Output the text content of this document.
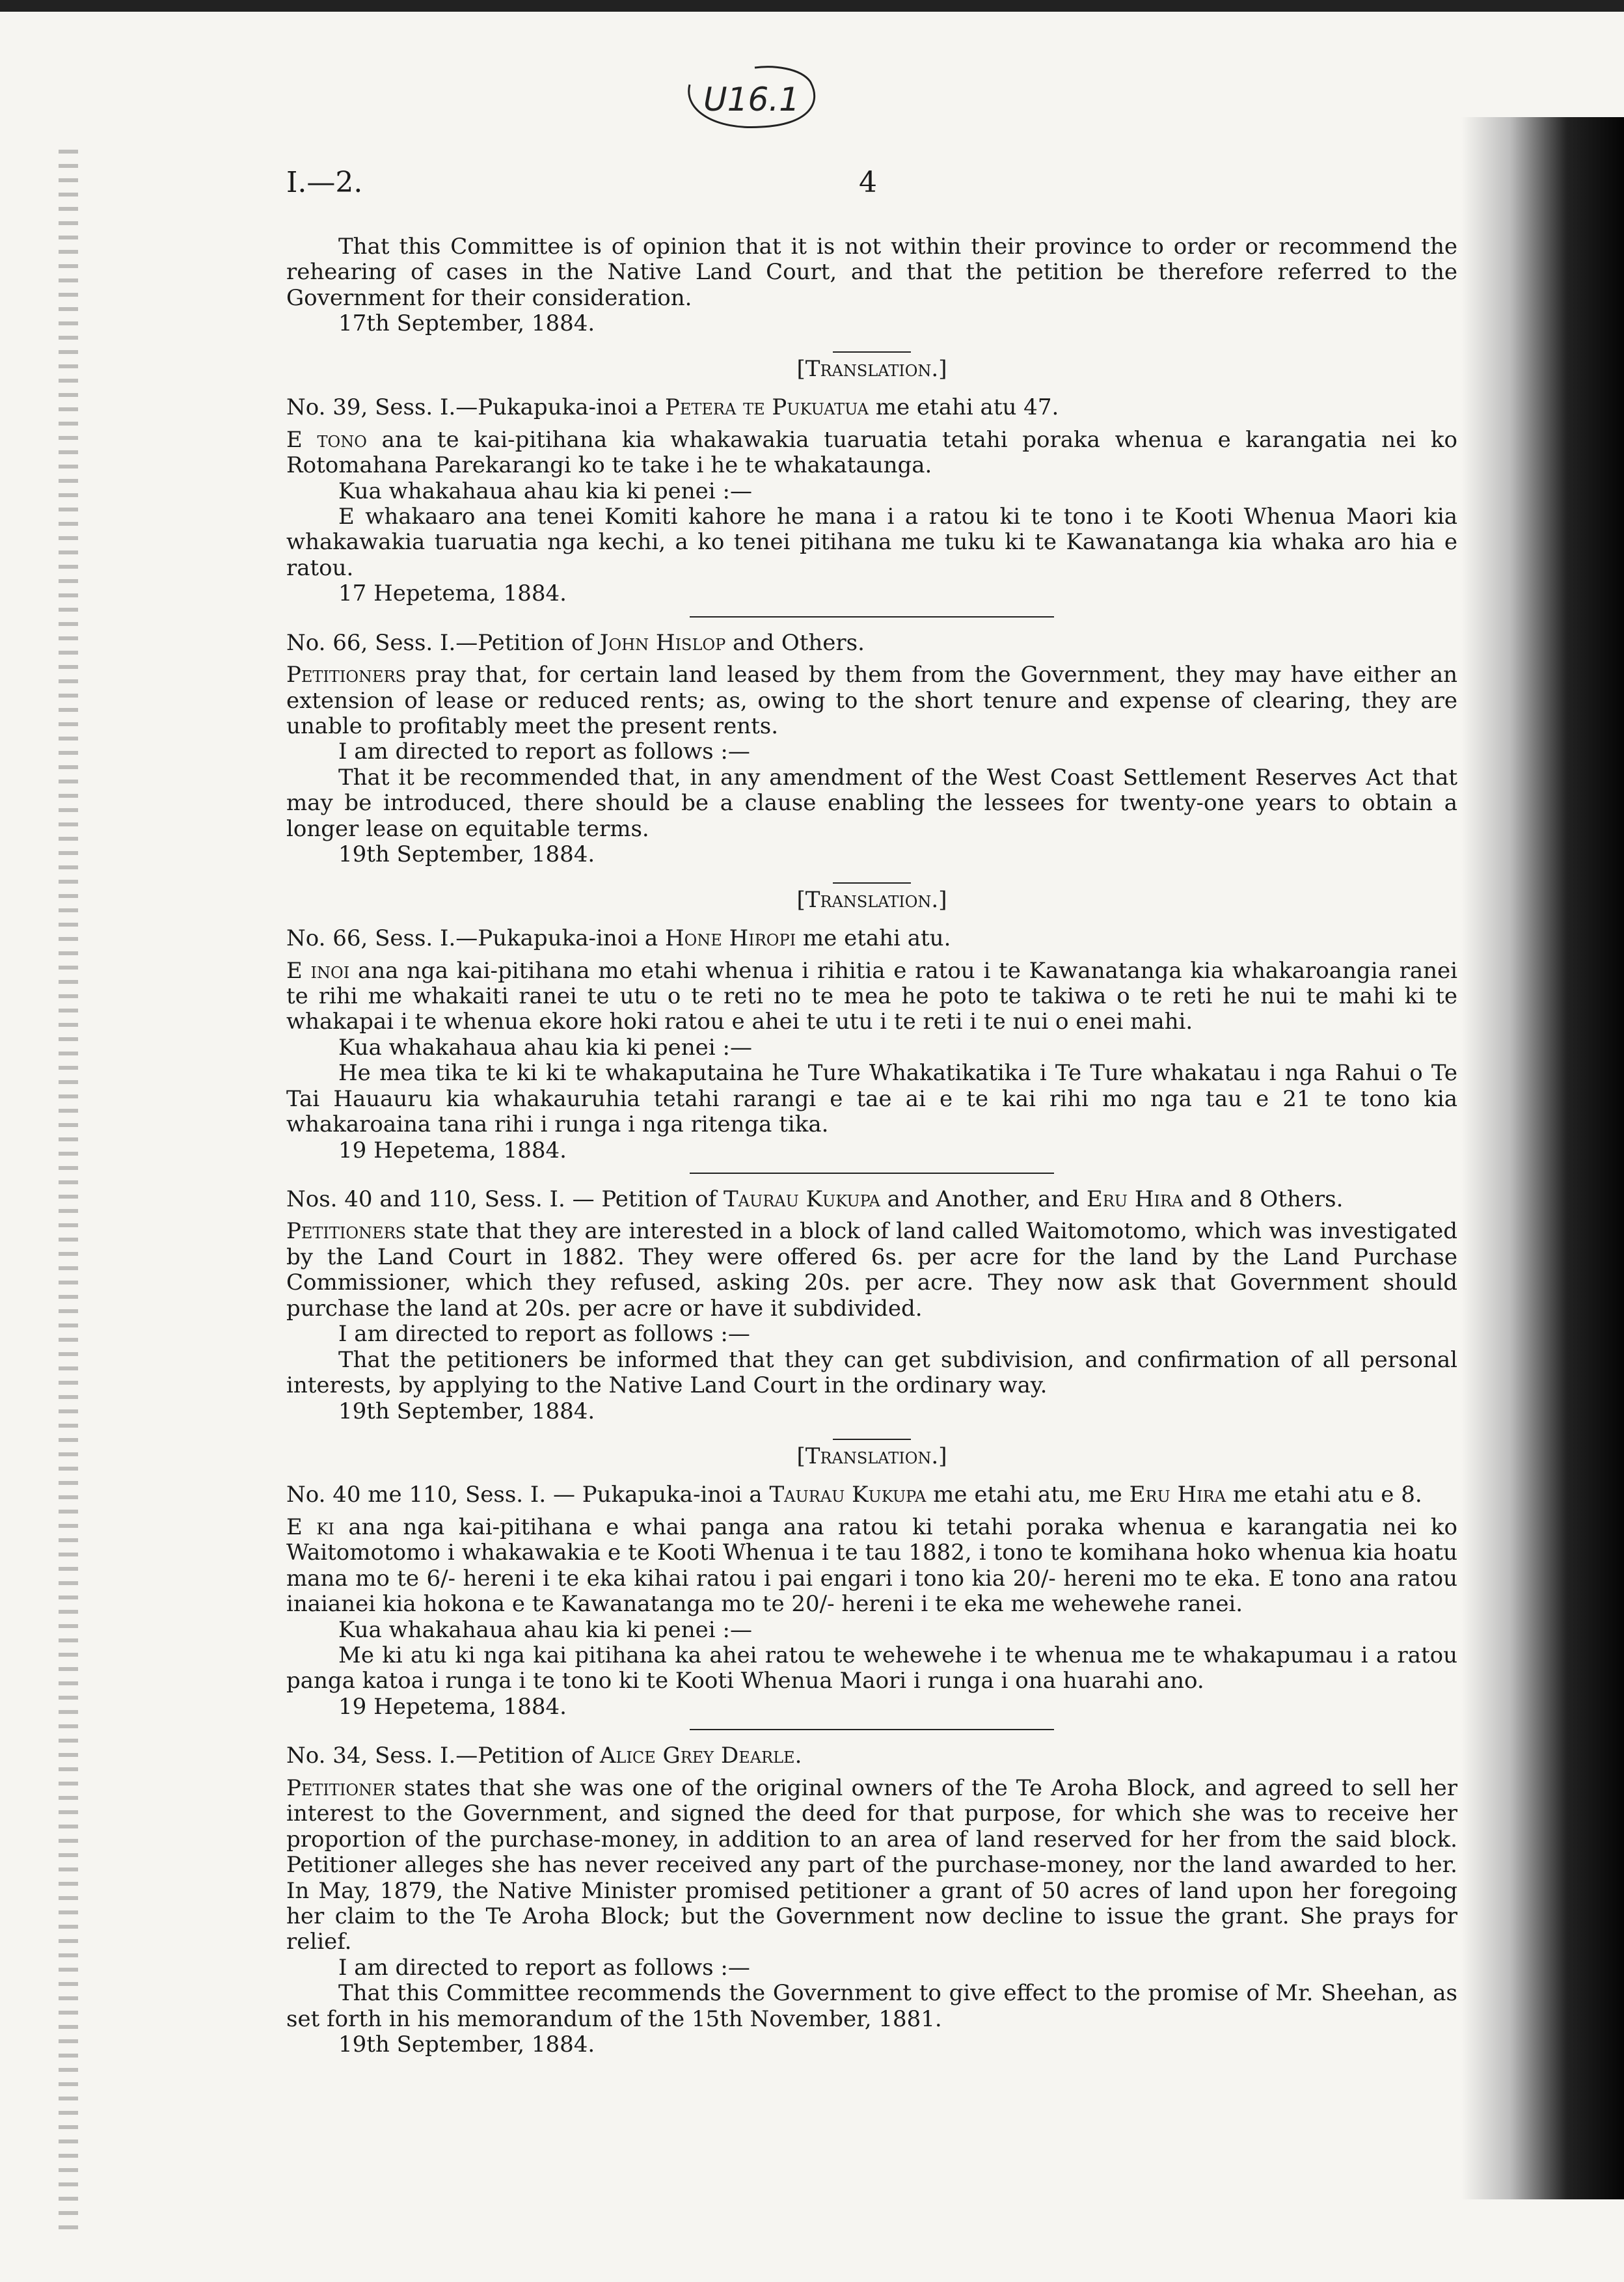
U16.1
I.—2.	4

That this Committee is of opinion that it is not within their province to order or recommend the rehearing of cases in the Native Land Court, and that the petition be therefore referred to the Government for their consideration.

17th September, 1884.

[Translation.]

No. 39, Sess. I.—Pukapuka-inoi a Petera te Pukuatua me etahi atu 47.

E tono ana te kai-pitihana kia whakawakia tuaruatia tetahi poraka whenua e karangatia nei ko Rotomahana Parekarangi ko te take i he te whakataunga.

Kua whakahaua ahau kia ki penei :—

E whakaaro ana tenei Komiti kahore he mana i a ratou ki te tono i te Kooti Whenua Maori kia whakawakia tuaruatia nga kechi, a ko tenei pitihana me tuku ki te Kawanatanga kia whaka aro hia e ratou.

17 Hepetema, 1884.

No. 66, Sess. I.—Petition of John Hislop and Others.

Petitioners pray that, for certain land leased by them from the Government, they may have either an extension of lease or reduced rents; as, owing to the short tenure and expense of clearing, they are unable to profitably meet the present rents.

I am directed to report as follows :—

That it be recommended that, in any amendment of the West Coast Settlement Reserves Act that may be introduced, there should be a clause enabling the lessees for twenty-one years to obtain a longer lease on equitable terms.

19th September, 1884.

[Translation.]

No. 66, Sess. I.—Pukapuka-inoi a Hone Hiropi me etahi atu.

E inoi ana nga kai-pitihana mo etahi whenua i rihitia e ratou i te Kawanatanga kia whakaroangia ranei te rihi me whakaiti ranei te utu o te reti no te mea he poto te takiwa o te reti he nui te mahi ki te whakapai i te whenua ekore hoki ratou e ahei te utu i te reti i te nui o enei mahi.

Kua whakahaua ahau kia ki penei :—

He mea tika te ki ki te whakaputaina he Ture Whakatikatika i Te Ture whakatau i nga Rahui o Te Tai Hauauru kia whakauruhia tetahi rarangi e tae ai e te kai rihi mo nga tau e 21 te tono kia whakaroaina tana rihi i runga i nga ritenga tika.

19 Hepetema, 1884.

Nos. 40 and 110, Sess. I. — Petition of Taurau Kukupa and Another, and Eru Hira and 8 Others.

Petitioners state that they are interested in a block of land called Waitomotomo, which was investigated by the Land Court in 1882. They were offered 6s. per acre for the land by the Land Purchase Commissioner, which they refused, asking 20s. per acre. They now ask that Government should purchase the land at 20s. per acre or have it subdivided.

I am directed to report as follows :—

That the petitioners be informed that they can get subdivision, and confirmation of all personal interests, by applying to the Native Land Court in the ordinary way.

19th September, 1884.

[Translation.]

No. 40 me 110, Sess. I. — Pukapuka-inoi a Taurau Kukupa me etahi atu, me Eru Hira me etahi atu e 8.

E ki ana nga kai-pitihana e whai panga ana ratou ki tetahi poraka whenua e karangatia nei ko Waitomotomo i whakawakia e te Kooti Whenua i te tau 1882, i tono te komihana hoko whenua kia hoatu mana mo te 6/- hereni i te eka kihai ratou i pai engari i tono kia 20/- hereni mo te eka. E tono ana ratou inaianei kia hokona e te Kawanatanga mo te 20/- hereni i te eka me wehewehe ranei.

Kua whakahaua ahau kia ki penei :—

Me ki atu ki nga kai pitihana ka ahei ratou te wehewehe i te whenua me te whakapumau i a ratou panga katoa i runga i te tono ki te Kooti Whenua Maori i runga i ona huarahi ano.

19 Hepetema, 1884.

No. 34, Sess. I.—Petition of Alice Grey Dearle.

Petitioner states that she was one of the original owners of the Te Aroha Block, and agreed to sell her interest to the Government, and signed the deed for that purpose, for which she was to receive her proportion of the purchase-money, in addition to an area of land reserved for her from the said block. Petitioner alleges she has never received any part of the purchase-money, nor the land awarded to her. In May, 1879, the Native Minister promised petitioner a grant of 50 acres of land upon her foregoing her claim to the Te Aroha Block; but the Government now decline to issue the grant. She prays for relief.

I am directed to report as follows :—

That this Committee recommends the Government to give effect to the promise of Mr. Sheehan, as set forth in his memorandum of the 15th November, 1881.

19th September, 1884.
